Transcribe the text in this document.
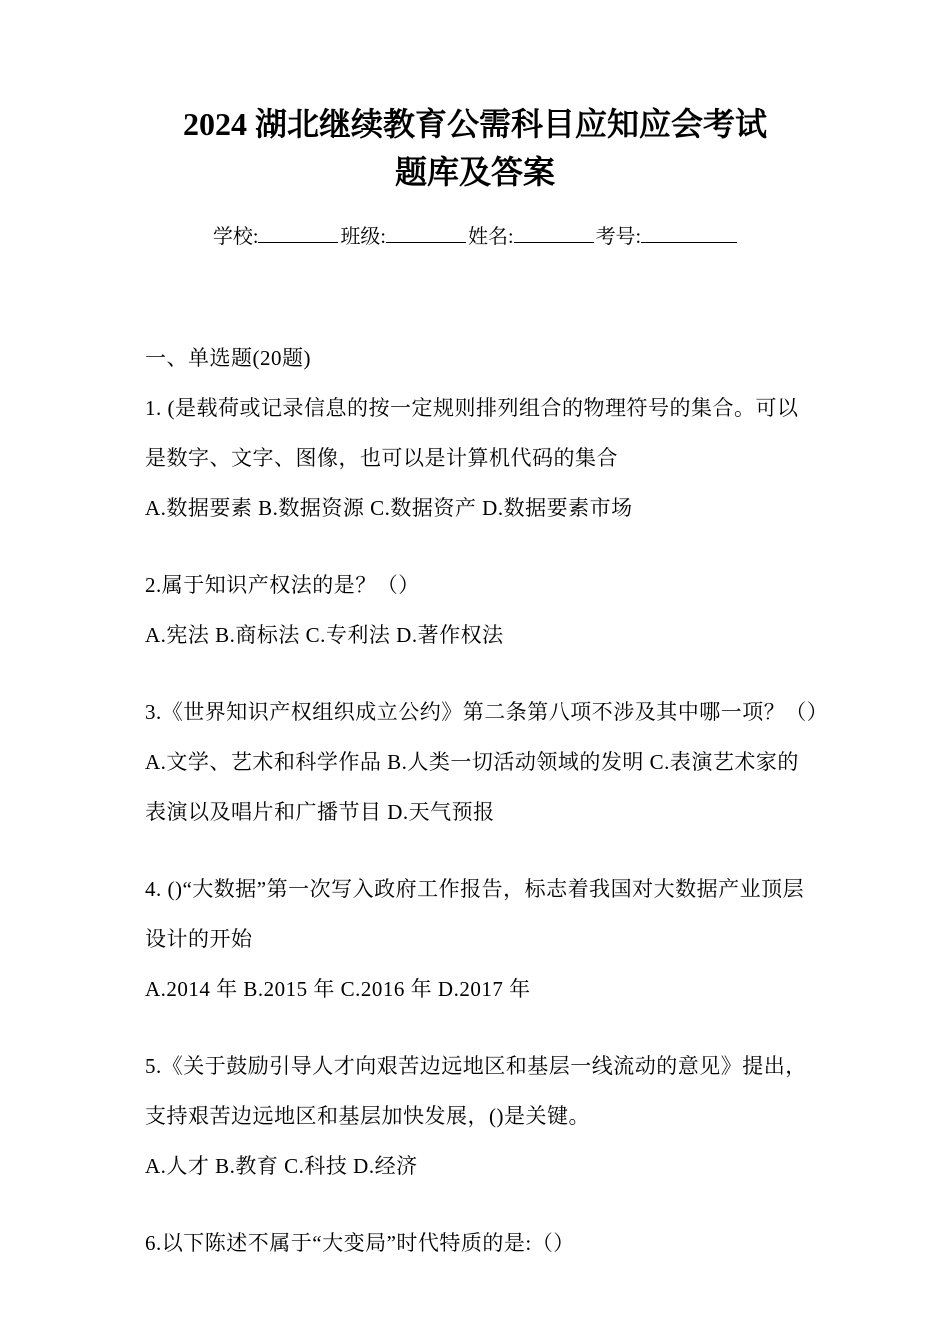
2024 湖北继续教育公需科目应知应会考试
题库及答案
学校:	班级:	姓名:	考号:

一、单选题(20题)

1. (是载荷或记录信息的按一定规则排列组合的物理符号的集合。可以

是数字、文字、图像，也可以是计算机代码的集合

A.数据要素 B.数据资源 C.数据资产 D.数据要素市场

2.属于知识产权法的是？（）

A.宪法 B.商标法 C.专利法 D.著作权法

3.《世界知识产权组织成立公约》第二条第八项不涉及其中哪一项？（）

A.文学、艺术和科学作品 B.人类一切活动领域的发明 C.表演艺术家的

表演以及唱片和广播节目 D.天气预报

4. ()“大数据”第一次写入政府工作报告，标志着我国对大数据产业顶层

设计的开始

A.2014 年 B.2015 年 C.2016 年 D.2017 年

5.《关于鼓励引导人才向艰苦边远地区和基层一线流动的意见》提出，

支持艰苦边远地区和基层加快发展，()是关键。

A.人才 B.教育 C.科技 D.经济

6.以下陈述不属于“大变局”时代特质的是:（）
